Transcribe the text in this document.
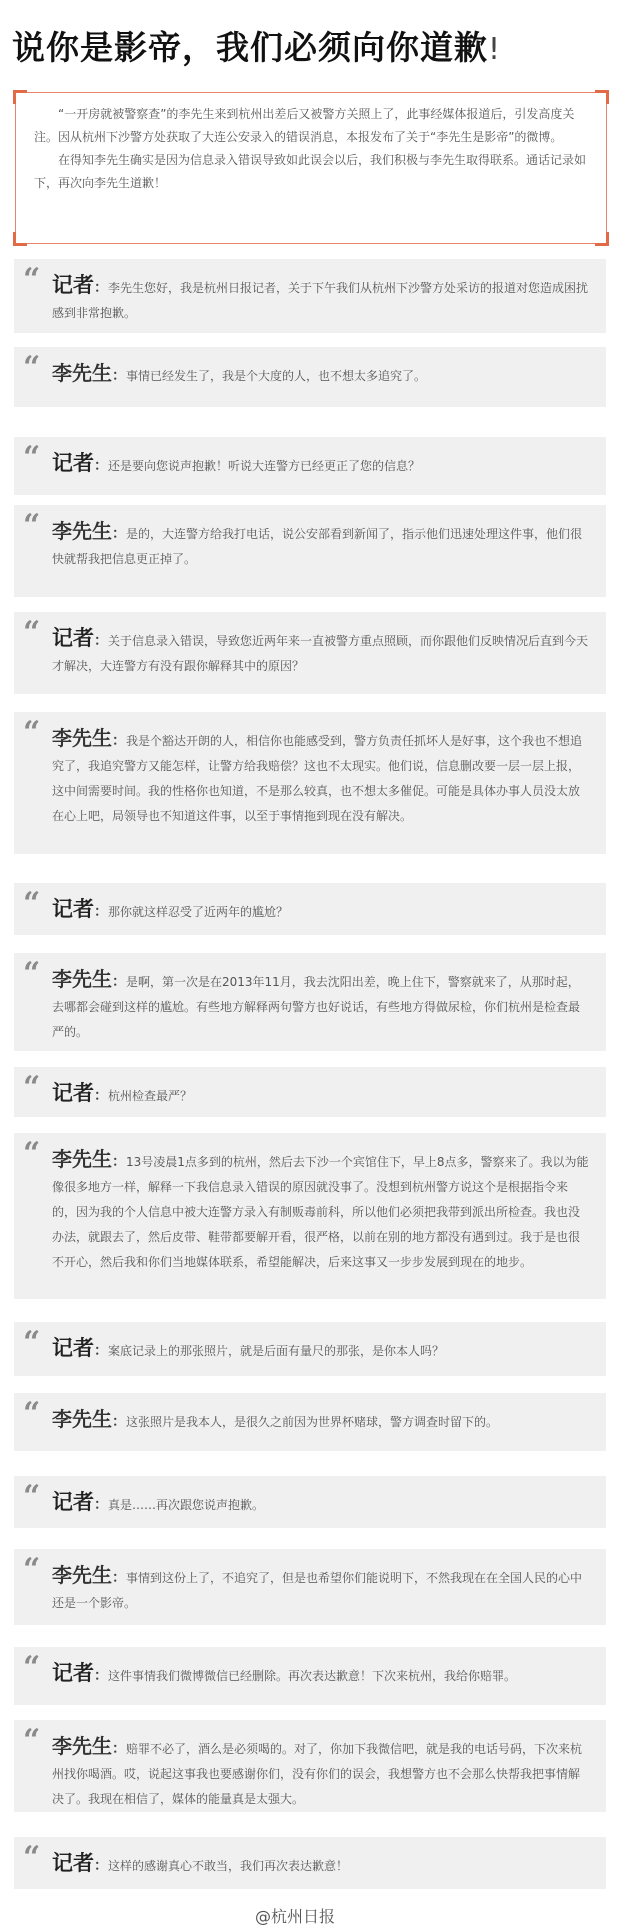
说你是影帝，我们必须向你道歉!

“一开房就被警察查”的李先生来到杭州出差后又被警方关照上了，此事经媒体报道后，引发高度关注。因从杭州下沙警方处获取了大连公安录入的错误消息，本报发布了关于“李先生是影帝”的微博。

在得知李先生确实是因为信息录入错误导致如此误会以后，我们积极与李先生取得联系。通话记录如下，再次向李先生道歉！

“ 记者：李先生您好，我是杭州日报记者，关于下午我们从杭州下沙警方处采访的报道对您造成困扰感到非常抱歉。
“ 李先生：事情已经发生了，我是个大度的人，也不想太多追究了。
“ 记者：还是要向您说声抱歉！听说大连警方已经更正了您的信息？
“ 李先生：是的，大连警方给我打电话，说公安部看到新闻了，指示他们迅速处理这件事，他们很快就帮我把信息更正掉了。
“ 记者：关于信息录入错误，导致您近两年来一直被警方重点照顾，而你跟他们反映情况后直到今天才解决，大连警方有没有跟你解释其中的原因？
“ 李先生：我是个豁达开朗的人，相信你也能感受到，警方负责任抓坏人是好事，这个我也不想追究了，我追究警方又能怎样，让警方给我赔偿？这也不太现实。他们说，信息删改要一层一层上报，这中间需要时间。我的性格你也知道，不是那么较真，也不想太多催促。可能是具体办事人员没太放在心上吧，局领导也不知道这件事，以至于事情拖到现在没有解决。
“ 记者：那你就这样忍受了近两年的尴尬？
“ 李先生：是啊，第一次是在2013年11月，我去沈阳出差，晚上住下，警察就来了，从那时起，去哪都会碰到这样的尴尬。有些地方解释两句警方也好说话，有些地方得做尿检，你们杭州是检查最严的。
“ 记者：杭州检查最严？
“ 李先生：13号凌晨1点多到的杭州，然后去下沙一个宾馆住下，早上8点多，警察来了。我以为能像很多地方一样，解释一下我信息录入错误的原因就没事了。没想到杭州警方说这个是根据指令来的，因为我的个人信息中被大连警方录入有制贩毒前科，所以他们必须把我带到派出所检查。我也没办法，就跟去了，然后皮带、鞋带都要解开看，很严格，以前在别的地方都没有遇到过。我于是也很不开心，然后我和你们当地媒体联系，希望能解决，后来这事又一步步发展到现在的地步。
“ 记者：案底记录上的那张照片，就是后面有量尺的那张，是你本人吗？
“ 李先生：这张照片是我本人，是很久之前因为世界杯赌球，警方调查时留下的。
“ 记者：真是……再次跟您说声抱歉。
“ 李先生：事情到这份上了，不追究了，但是也希望你们能说明下，不然我现在在全国人民的心中还是一个影帝。
“ 记者：这件事情我们微博微信已经删除。再次表达歉意！下次来杭州，我给你赔罪。
“ 李先生：赔罪不必了，酒么是必须喝的。对了，你加下我微信吧，就是我的电话号码，下次来杭州找你喝酒。哎，说起这事我也要感谢你们，没有你们的误会，我想警方也不会那么快帮我把事情解决了。我现在相信了，媒体的能量真是太强大。
“ 记者：这样的感谢真心不敢当，我们再次表达歉意！
@杭州日报
